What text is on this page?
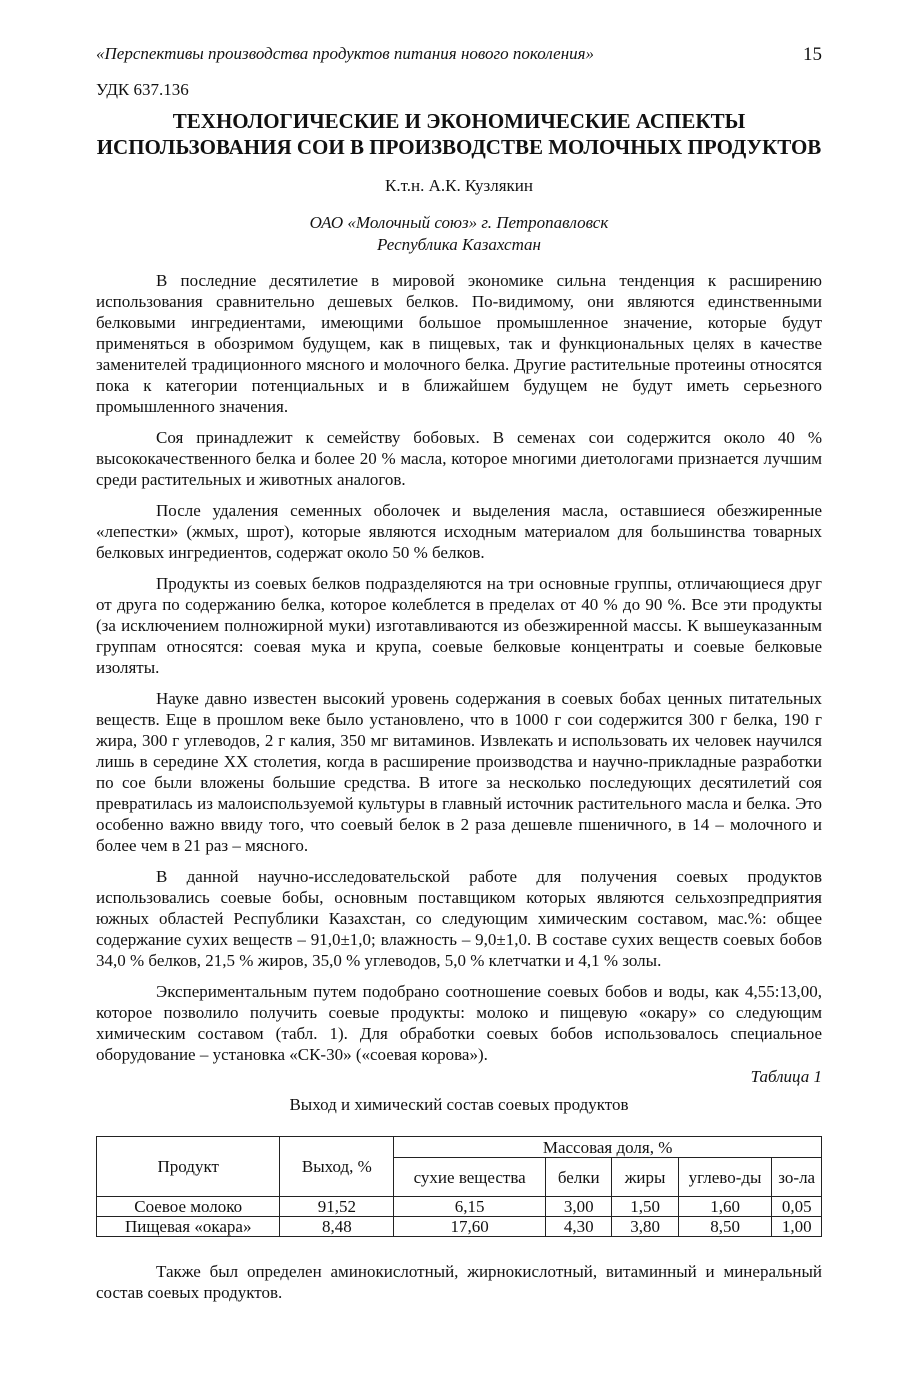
«Перспективы производства продуктов питания нового поколения»	15
УДК 637.136
ТЕХНОЛОГИЧЕСКИЕ И ЭКОНОМИЧЕСКИЕ АСПЕКТЫ ИСПОЛЬЗОВАНИЯ СОИ В ПРОИЗВОДСТВЕ МОЛОЧНЫХ ПРОДУКТОВ
К.т.н. А.К. Кузлякин
ОАО «Молочный союз» г. Петропавловск
Республика Казахстан

В последние десятилетие в мировой экономике сильна тенденция к расширению использования сравнительно дешевых белков. По-видимому, они являются единственными белковыми ингредиентами, имеющими большое промышленное значение, которые будут применяться в обозримом будущем, как в пищевых, так и функциональных целях в качестве заменителей традиционного мясного и молочного белка. Другие растительные протеины относятся пока к категории потенциальных и в ближайшем будущем не будут иметь серьезного промышленного значения.

Соя принадлежит к семейству бобовых. В семенах сои содержится около 40 % высококачественного белка и более 20 % масла, которое многими диетологами признается лучшим среди растительных и животных аналогов.

После удаления семенных оболочек и выделения масла, оставшиеся обезжиренные «лепестки» (жмых, шрот), которые являются исходным материалом для большинства товарных белковых ингредиентов, содержат около 50 % белков.

Продукты из соевых белков подразделяются на три основные группы, отличающиеся друг от друга по содержанию белка, которое колеблется в пределах от 40 % до 90 %. Все эти продукты (за исключением полножирной муки) изготавливаются из обезжиренной массы. К вышеуказанным группам относятся: соевая мука и крупа, соевые белковые концентраты и соевые белковые изоляты.

Науке давно известен высокий уровень содержания в соевых бобах ценных питательных веществ. Еще в прошлом веке было установлено, что в 1000 г сои содержится 300 г белка, 190 г жира, 300 г углеводов, 2 г калия, 350 мг витаминов. Извлекать и использовать их человек научился лишь в середине XX столетия, когда в расширение производства и научно-прикладные разработки по сое были вложены большие средства. В итоге за несколько последующих десятилетий соя превратилась из малоиспользуемой культуры в главный источник растительного масла и белка. Это особенно важно ввиду того, что соевый белок в 2 раза дешевле пшеничного, в 14 – молочного и более чем в 21 раз – мясного.

В данной научно-исследовательской работе для получения соевых продуктов использовались соевые бобы, основным поставщиком которых являются сельхозпредприятия южных областей Республики Казахстан, со следующим химическим составом, мас.%: общее содержание сухих веществ – 91,0±1,0; влажность – 9,0±1,0. В составе сухих веществ соевых бобов 34,0 % белков, 21,5 % жиров, 35,0 % углеводов, 5,0 % клетчатки и 4,1 % золы.

Экспериментальным путем подобрано соотношение соевых бобов и воды, как 4,55:13,00, которое позволило получить соевые продукты: молоко и пищевую «окару» со следующим химическим составом (табл. 1). Для обработки соевых бобов использовалось специальное оборудование – установка «СК-30» («соевая корова»).

Таблица 1
Выход и химический состав соевых продуктов
Продукт	Выход, %	Массовая доля, %				
		сухие вещества	белки	жиры	углево-ды	зо-ла
Соевое молоко	91,52	6,15	3,00	1,50	1,60	0,05
Пищевая «окара»	8,48	17,60	4,30	3,80	8,50	1,00

Также был определен аминокислотный, жирнокислотный, витаминный и минеральный состав соевых продуктов.
